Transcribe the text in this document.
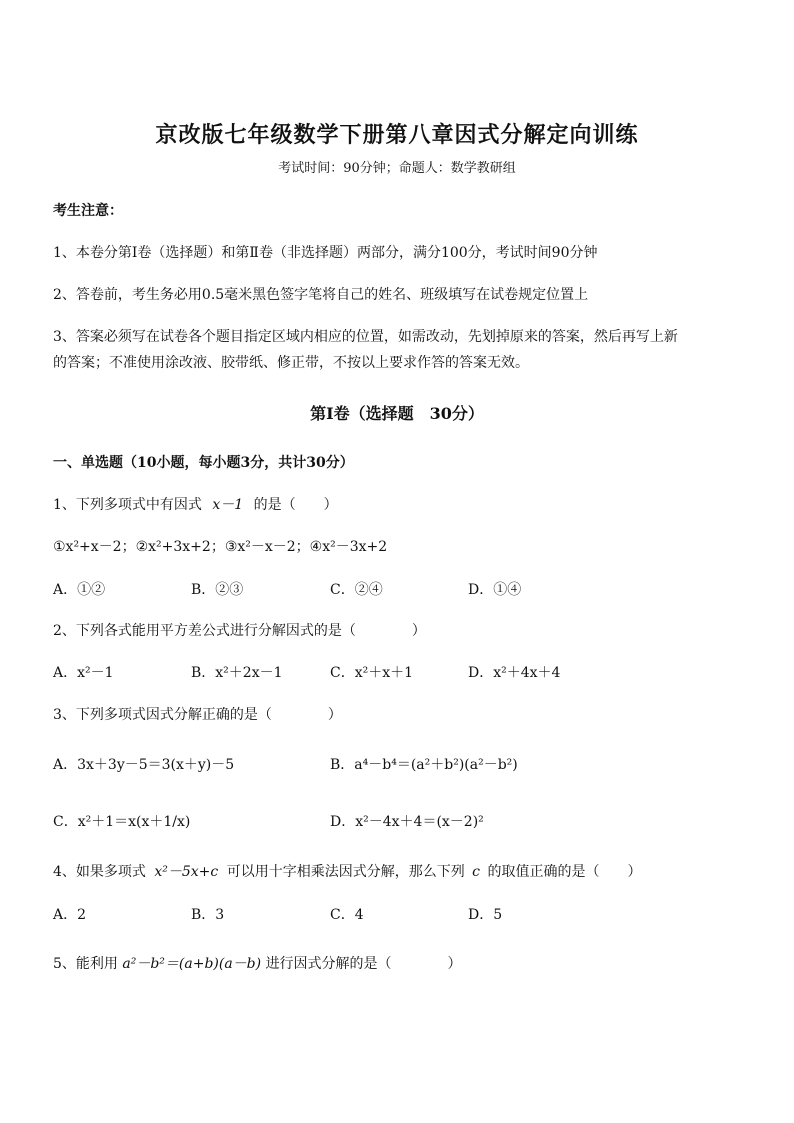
京改版七年级数学下册第八章因式分解定向训练
考试时间：90分钟；命题人：数学教研组
考生注意：
1、本卷分第Ⅰ卷（选择题）和第Ⅱ卷（非选择题）两部分，满分100分，考试时间90分钟
2、答卷前，考生务必用0.5毫米黑色签字笔将自己的姓名、班级填写在试卷规定位置上
3、答案必须写在试卷各个题目指定区域内相应的位置，如需改动，先划掉原来的答案，然后再写上新
的答案；不准使用涂改液、胶带纸、修正带，不按以上要求作答的答案无效。
第Ⅰ卷（选择题　30分）
一、单选题（10小题，每小题3分，共计30分）
1、下列多项式中有因式 x－1 的是（　　）
①x²+x－2；②x²+3x+2；③x²－x－2；④x²－3x+2
A．①②	B．②③	C．②④	D．①④
2、下列各式能用平方差公式进行分解因式的是（　　　　）
A．x²－1	B．x²＋2x－1	C．x²＋x＋1	D．x²＋4x＋4
3、下列多项式因式分解正确的是（　　　　）
A．3x＋3y－5＝3(x＋y)－5	B．a⁴－b⁴＝(a²＋b²)(a²－b²)
C．x²＋1＝x(x＋1/x)	D．x²－4x＋4＝(x－2)²
4、如果多项式 x²－5x+c 可以用十字相乘法因式分解，那么下列 c 的取值正确的是（　　）
A．2	B．3	C．4	D．5
5、能利用 a²－b²＝(a+b)(a－b) 进行因式分解的是（　　　　）
